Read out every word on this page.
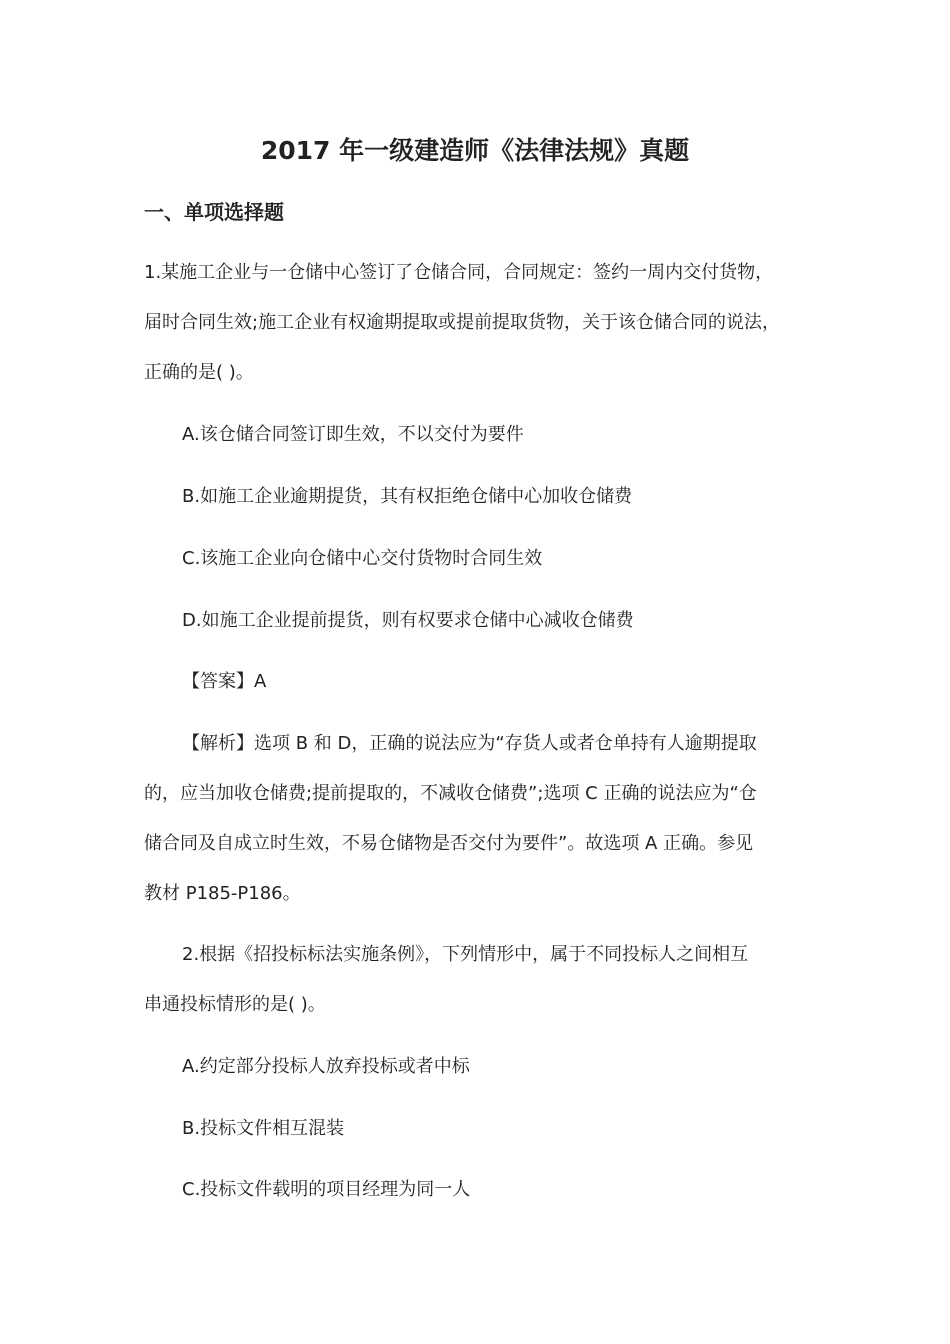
2017 年一级建造师《法律法规》真题
一、单项选择题
1.某施工企业与一仓储中心签订了仓储合同，合同规定：签约一周内交付货物，
届时合同生效;施工企业有权逾期提取或提前提取货物，关于该仓储合同的说法，
正确的是( )。
A.该仓储合同签订即生效，不以交付为要件
B.如施工企业逾期提货，其有权拒绝仓储中心加收仓储费
C.该施工企业向仓储中心交付货物时合同生效
D.如施工企业提前提货，则有权要求仓储中心减收仓储费
【答案】A
【解析】选项 B 和 D，正确的说法应为“存货人或者仓单持有人逾期提取
的，应当加收仓储费;提前提取的，不减收仓储费”;选项 C 正确的说法应为“仓
储合同及自成立时生效，不易仓储物是否交付为要件”。故选项 A 正确。参见
教材 P185-P186。
2.根据《招投标标法实施条例》，下列情形中，属于不同投标人之间相互
串通投标情形的是( )。
A.约定部分投标人放弃投标或者中标
B.投标文件相互混装
C.投标文件载明的项目经理为同一人
